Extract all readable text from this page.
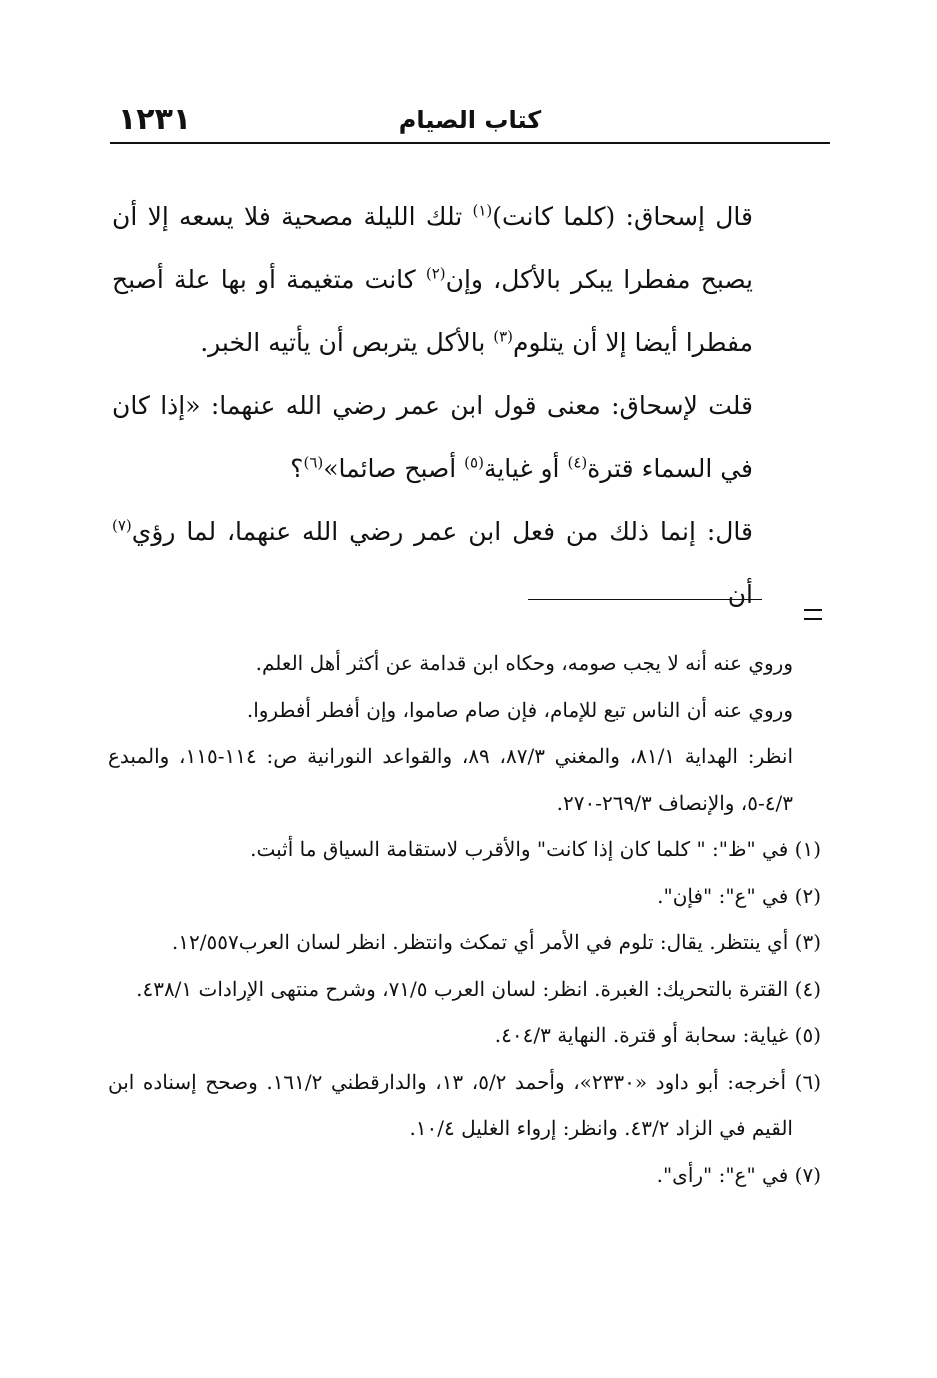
١٢٣١	كتاب الصيام

قال إسحاق: (كلما كانت)$^{(١)}$ تلك الليلة مصحية فلا يسعه إلا أن يصبح مفطرا يبكر بالأكل، وإن$^{(٢)}$ كانت متغيمة أو بها علة أصبح مفطرا أيضا إلا أن يتلوم$^{(٣)}$ بالأكل يتربص أن يأتيه الخبر.

قلت لإسحاق: معنى قول ابن عمر رضي الله عنهما: «إذا كان في السماء قترة$^{(٤)}$ أو غياية$^{(٥)}$ أصبح صائما»$^{(٦)}$؟

قال: إنما ذلك من فعل ابن عمر رضي الله عنهما، لما رؤي$^{(٧)}$ أن

وروي عنه أنه لا يجب صومه، وحكاه ابن قدامة عن أكثر أهل العلم.

وروي عنه أن الناس تبع للإمام، فإن صام صاموا، وإن أفطر أفطروا.

انظر: الهداية ٨١/١، والمغني ٨٧/٣، ٨٩، والقواعد النورانية ص: ١١٤-١١٥، والمبدع ٤/٣-٥، والإنصاف ٢٦٩/٣-٢٧٠.

(١) في "ظ": " كلما كان إذا كانت" والأقرب لاستقامة السياق ما أثبت.

(٢) في "ع": "فإن".

(٣) أي ينتظر. يقال: تلوم في الأمر أي تمكث وانتظر. انظر لسان العرب١٢/٥٥٧.

(٤) القترة بالتحريك: الغبرة. انظر: لسان العرب ٧١/٥، وشرح منتهى الإرادات ٤٣٨/١.

(٥) غياية: سحابة أو قترة. النهاية ٤٠٤/٣.

(٦) أخرجه: أبو داود «٢٣٣٠»، وأحمد ٥/٢، ١٣، والدارقطني ١٦١/٢. وصحح إسناده ابن القيم في الزاد ٤٣/٢. وانظر: إرواء الغليل ١٠/٤.

(٧) في "ع": "رأى".
